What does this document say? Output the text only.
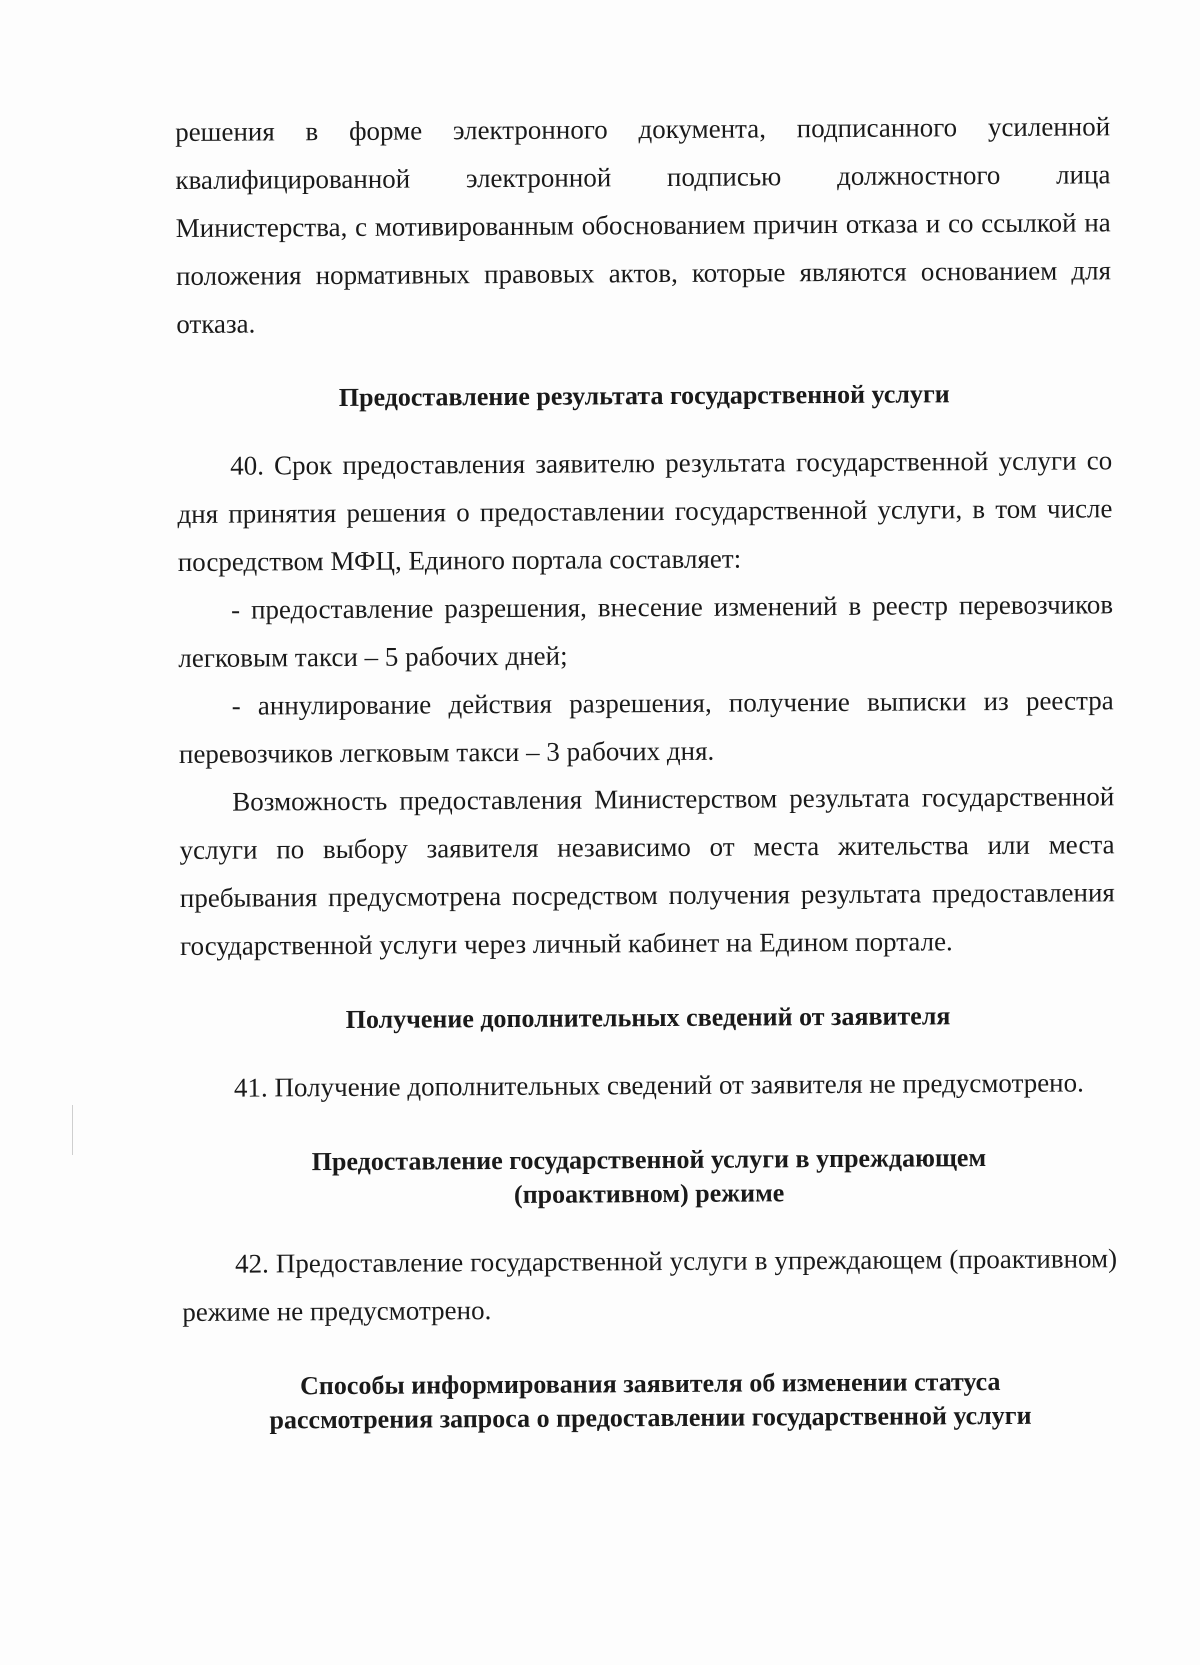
решения в форме электронного документа, подписанного усиленной

квалифицированной электронной подписью должностного лица

Министерства, с мотивированным обоснованием причин отказа и со ссылкой на положения нормативных правовых актов, которые являются основанием для отказа.

Предоставление результата государственной услуги

40. Срок предоставления заявителю результата государственной услуги со дня принятия решения о предоставлении государственной услуги, в том числе посредством МФЦ, Единого портала составляет:

- предоставление разрешения, внесение изменений в реестр перевозчиков легковым такси – 5 рабочих дней;

- аннулирование действия разрешения, получение выписки из реестра перевозчиков легковым такси – 3 рабочих дня.

Возможность предоставления Министерством результата государственной услуги по выбору заявителя независимо от места жительства или места пребывания предусмотрена посредством получения результата предоставления государственной услуги через личный кабинет на Едином портале.

Получение дополнительных сведений от заявителя

41. Получение дополнительных сведений от заявителя не предусмотрено.

Предоставление государственной услуги в упреждающем
(проактивном) режиме

42. Предоставление государственной услуги в упреждающем (проактивном) режиме не предусмотрено.

Способы информирования заявителя об изменении статуса
рассмотрения запроса о предоставлении государственной услуги
